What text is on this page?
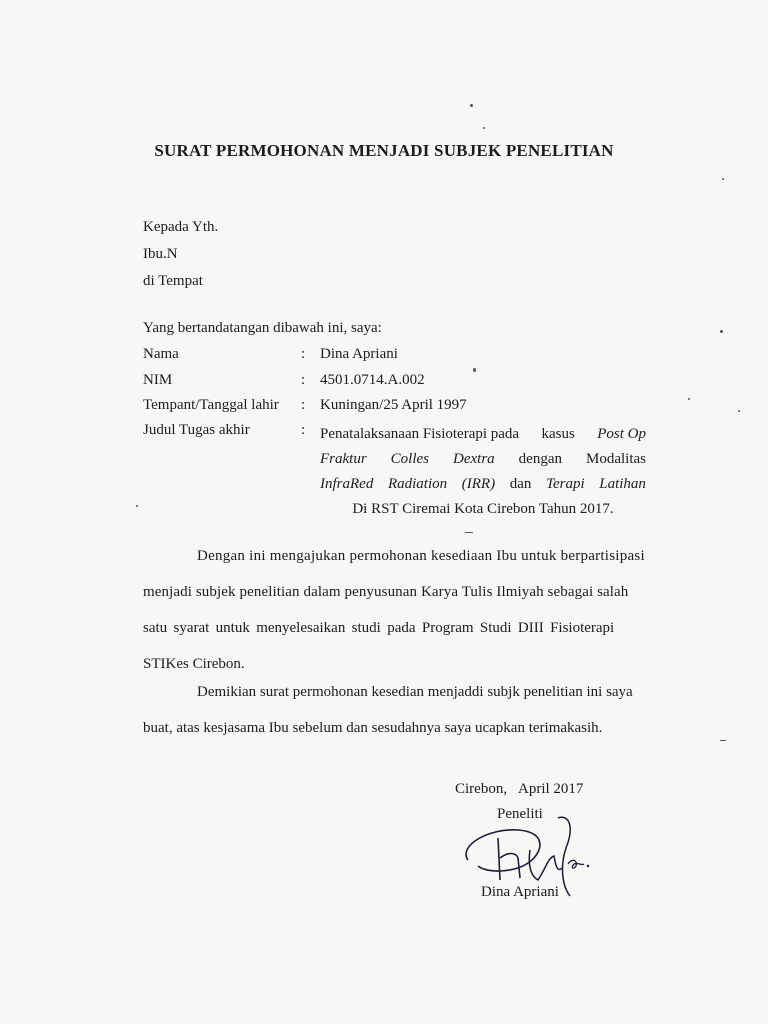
SURAT PERMOHONAN MENJADI SUBJEK PENELITIAN
Kepada Yth.
Ibu.N
di Tempat
Yang bertandatangan dibawah ini, saya:
Nama	: Dina Apriani
NIM	: 4501.0714.A.002
Tempant/Tanggal lahir : Kuningan/25 April 1997
Judul Tugas akhir	: Penatalaksanaan Fisioterapi pada kasus Post Op
Fraktur Colles Dextra dengan Modalitas
InfraRed Radiation (IRR) dan Terapi Latihan
Di RST Ciremai Kota Cirebon Tahun 2017.
Dengan ini mengajukan permohonan kesediaan Ibu untuk berpartisipasi
menjadi subjek penelitian dalam penyusunan Karya Tulis Ilmiyah sebagai salah
satu syarat untuk menyelesaikan studi pada Program Studi DIII Fisioterapi
STIKes Cirebon.
Demikian surat permohonan kesedian menjaddi subjk penelitian ini saya
buat, atas kesjasama Ibu sebelum dan sesudahnya saya ucapkan terimakasih.
Cirebon, April 2017
Peneliti
Dina Apriani
